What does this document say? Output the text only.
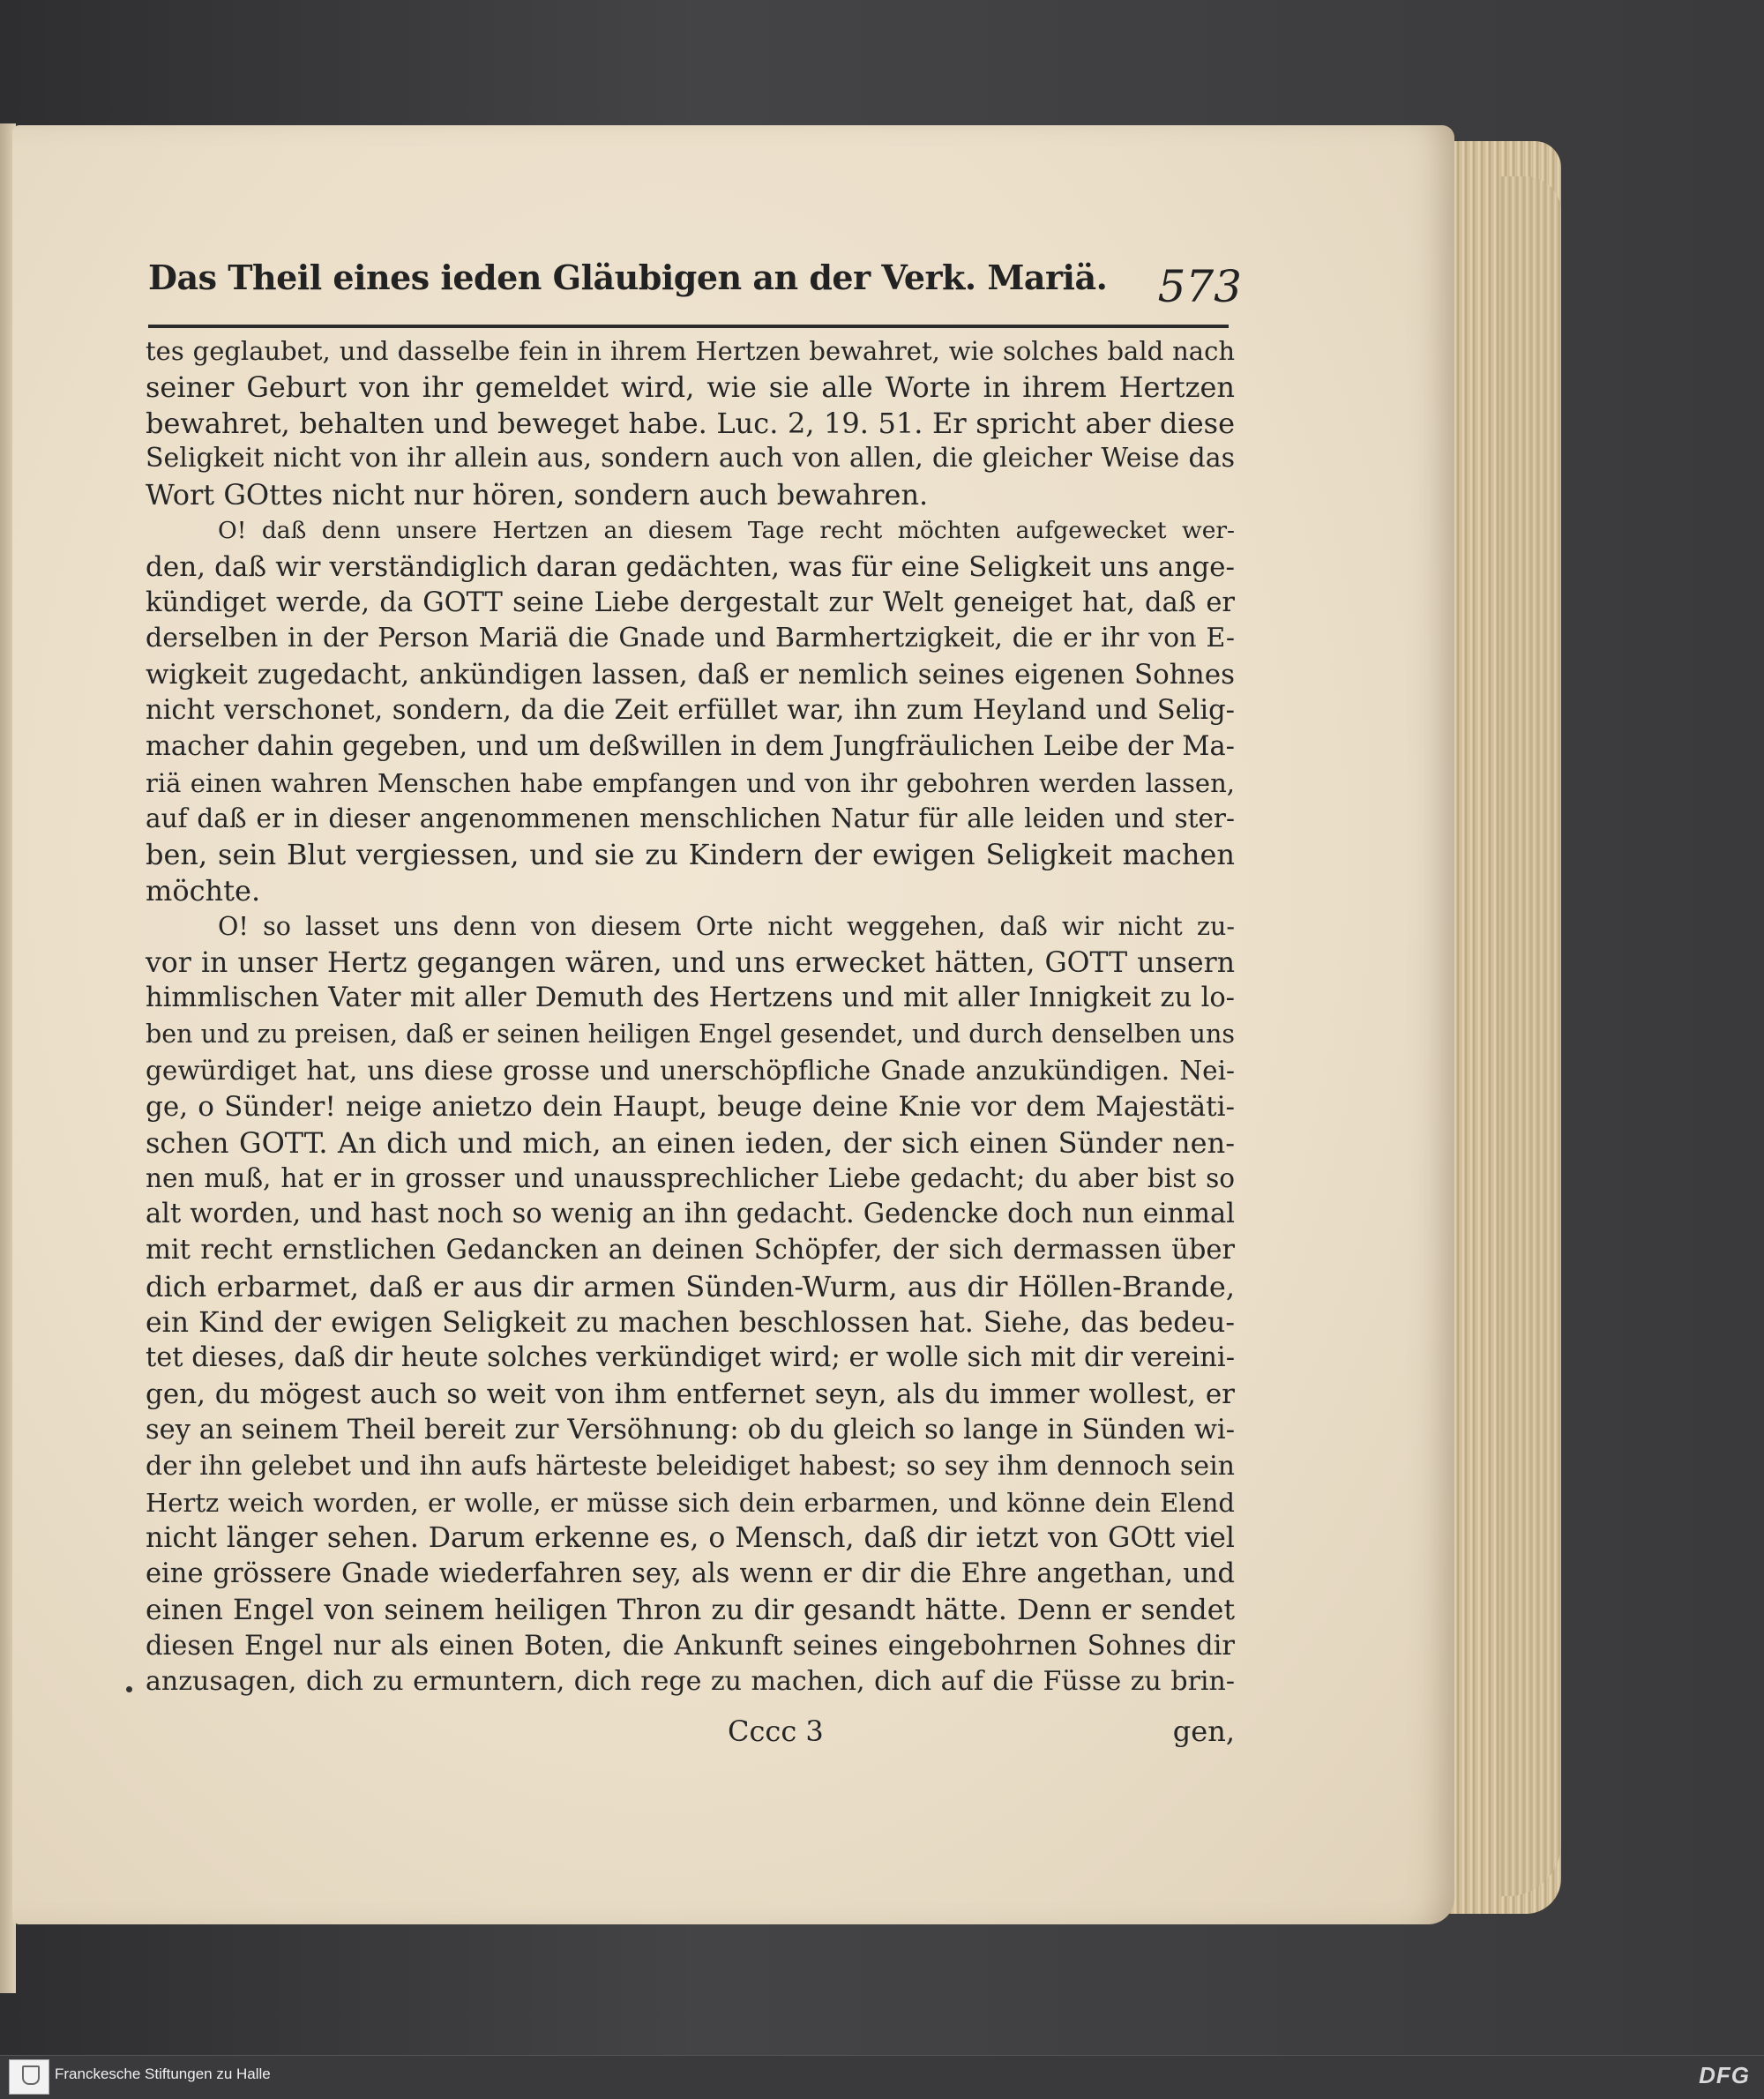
Das Theil eines ieden Gläubigen an der Verk. Mariä. 573
tes geglaubet, und dasselbe fein in ihrem Hertzen bewahret, wie solches bald nach
seiner Geburt von ihr gemeldet wird, wie sie alle Worte in ihrem Hertzen
bewahret, behalten und beweget habe. Luc. 2, 19. 51. Er spricht aber diese
Seligkeit nicht von ihr allein aus, sondern auch von allen, die gleicher Weise das
Wort GOttes nicht nur hören, sondern auch bewahren.
O! daß denn unsere Hertzen an diesem Tage recht möchten aufgewecket wer-
den, daß wir verständiglich daran gedächten, was für eine Seligkeit uns ange-
kündiget werde, da GOTT seine Liebe dergestalt zur Welt geneiget hat, daß er
derselben in der Person Mariä die Gnade und Barmhertzigkeit, die er ihr von E-
wigkeit zugedacht, ankündigen lassen, daß er nemlich seines eigenen Sohnes
nicht verschonet, sondern, da die Zeit erfüllet war, ihn zum Heyland und Selig-
macher dahin gegeben, und um deßwillen in dem Jungfräulichen Leibe der Ma-
riä einen wahren Menschen habe empfangen und von ihr gebohren werden lassen,
auf daß er in dieser angenommenen menschlichen Natur für alle leiden und ster-
ben, sein Blut vergiessen, und sie zu Kindern der ewigen Seligkeit machen
möchte.
O! so lasset uns denn von diesem Orte nicht weggehen, daß wir nicht zu-
vor in unser Hertz gegangen wären, und uns erwecket hätten, GOTT unsern
himmlischen Vater mit aller Demuth des Hertzens und mit aller Innigkeit zu lo-
ben und zu preisen, daß er seinen heiligen Engel gesendet, und durch denselben uns
gewürdiget hat, uns diese grosse und unerschöpfliche Gnade anzukündigen. Nei-
ge, o Sünder! neige anietzo dein Haupt, beuge deine Knie vor dem Majestäti-
schen GOTT. An dich und mich, an einen ieden, der sich einen Sünder nen-
nen muß, hat er in grosser und unaussprechlicher Liebe gedacht; du aber bist so
alt worden, und hast noch so wenig an ihn gedacht. Gedencke doch nun einmal
mit recht ernstlichen Gedancken an deinen Schöpfer, der sich dermassen über
dich erbarmet, daß er aus dir armen Sünden-Wurm, aus dir Höllen-Brande,
ein Kind der ewigen Seligkeit zu machen beschlossen hat. Siehe, das bedeu-
tet dieses, daß dir heute solches verkündiget wird; er wolle sich mit dir vereini-
gen, du mögest auch so weit von ihm entfernet seyn, als du immer wollest, er
sey an seinem Theil bereit zur Versöhnung: ob du gleich so lange in Sünden wi-
der ihn gelebet und ihn aufs härteste beleidiget habest; so sey ihm dennoch sein
Hertz weich worden, er wolle, er müsse sich dein erbarmen, und könne dein Elend
nicht länger sehen. Darum erkenne es, o Mensch, daß dir ietzt von GOtt viel
eine grössere Gnade wiederfahren sey, als wenn er dir die Ehre angethan, und
einen Engel von seinem heiligen Thron zu dir gesandt hätte. Denn er sendet
diesen Engel nur als einen Boten, die Ankunft seines eingebohrnen Sohnes dir
anzusagen, dich zu ermuntern, dich rege zu machen, dich auf die Füsse zu brin-
Cccc 3	gen,
Franckesche Stiftungen zu Halle	DFG
